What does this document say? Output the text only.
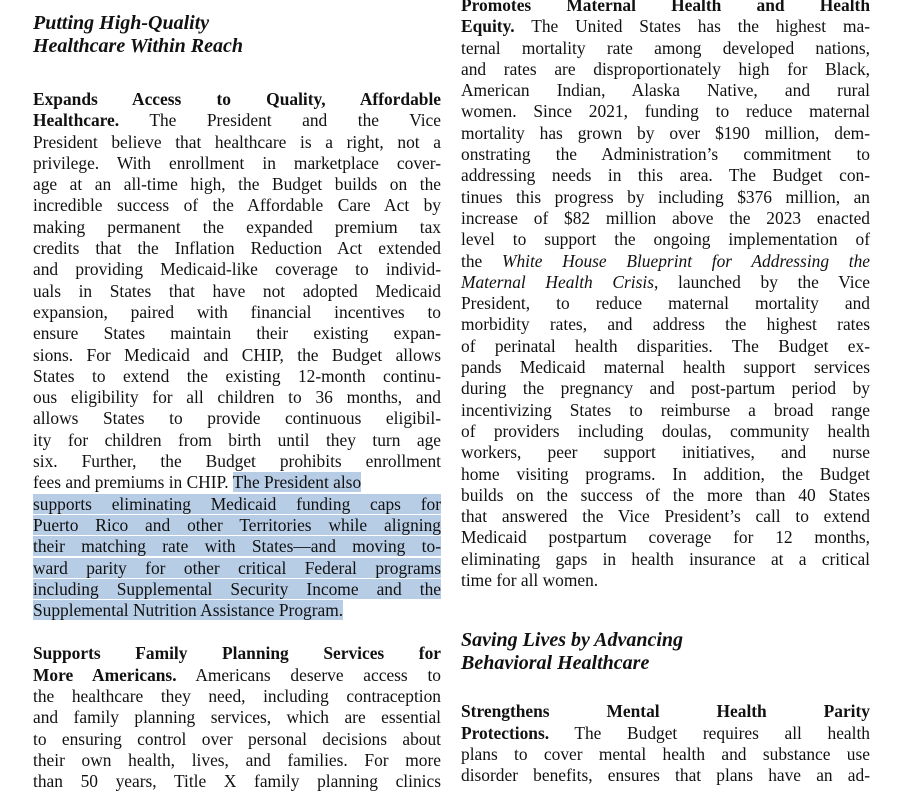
Putting High-Quality
Healthcare Within Reach
Expands Access to Quality, Affordable
Healthcare. The President and the Vice
President believe that healthcare is a right, not a
privilege. With enrollment in marketplace cover-
age at an all-time high, the Budget builds on the
incredible success of the Affordable Care Act by
making permanent the expanded premium tax
credits that the Inflation Reduction Act extended
and providing Medicaid-like coverage to individ-
uals in States that have not adopted Medicaid
expansion, paired with financial incentives to
ensure States maintain their existing expan-
sions. For Medicaid and CHIP, the Budget allows
States to extend the existing 12-month continu-
ous eligibility for all children to 36 months, and
allows States to provide continuous eligibil-
ity for children from birth until they turn age
six. Further, the Budget prohibits enrollment
fees and premiums in CHIP. The President also
supports eliminating Medicaid funding caps for
Puerto Rico and other Territories while aligning
their matching rate with States—and moving to-
ward parity for other critical Federal programs
including Supplemental Security Income and the
Supplemental Nutrition Assistance Program.
Supports Family Planning Services for
More Americans. Americans deserve access to
the healthcare they need, including contraception
and family planning services, which are essential
to ensuring control over personal decisions about
their own health, lives, and families. For more
than 50 years, Title X family planning clinics
Promotes Maternal Health and Health
Equity. The United States has the highest ma-
ternal mortality rate among developed nations,
and rates are disproportionately high for Black,
American Indian, Alaska Native, and rural
women. Since 2021, funding to reduce maternal
mortality has grown by over $190 million, dem-
onstrating the Administration’s commitment to
addressing needs in this area. The Budget con-
tinues this progress by including $376 million, an
increase of $82 million above the 2023 enacted
level to support the ongoing implementation of
the White House Blueprint for Addressing the
Maternal Health Crisis, launched by the Vice
President, to reduce maternal mortality and
morbidity rates, and address the highest rates
of perinatal health disparities. The Budget ex-
pands Medicaid maternal health support services
during the pregnancy and post-partum period by
incentivizing States to reimburse a broad range
of providers including doulas, community health
workers, peer support initiatives, and nurse
home visiting programs. In addition, the Budget
builds on the success of the more than 40 States
that answered the Vice President’s call to extend
Medicaid postpartum coverage for 12 months,
eliminating gaps in health insurance at a critical
time for all women.
Saving Lives by Advancing
Behavioral Healthcare
Strengthens Mental Health Parity
Protections. The Budget requires all health
plans to cover mental health and substance use
disorder benefits, ensures that plans have an ad-
